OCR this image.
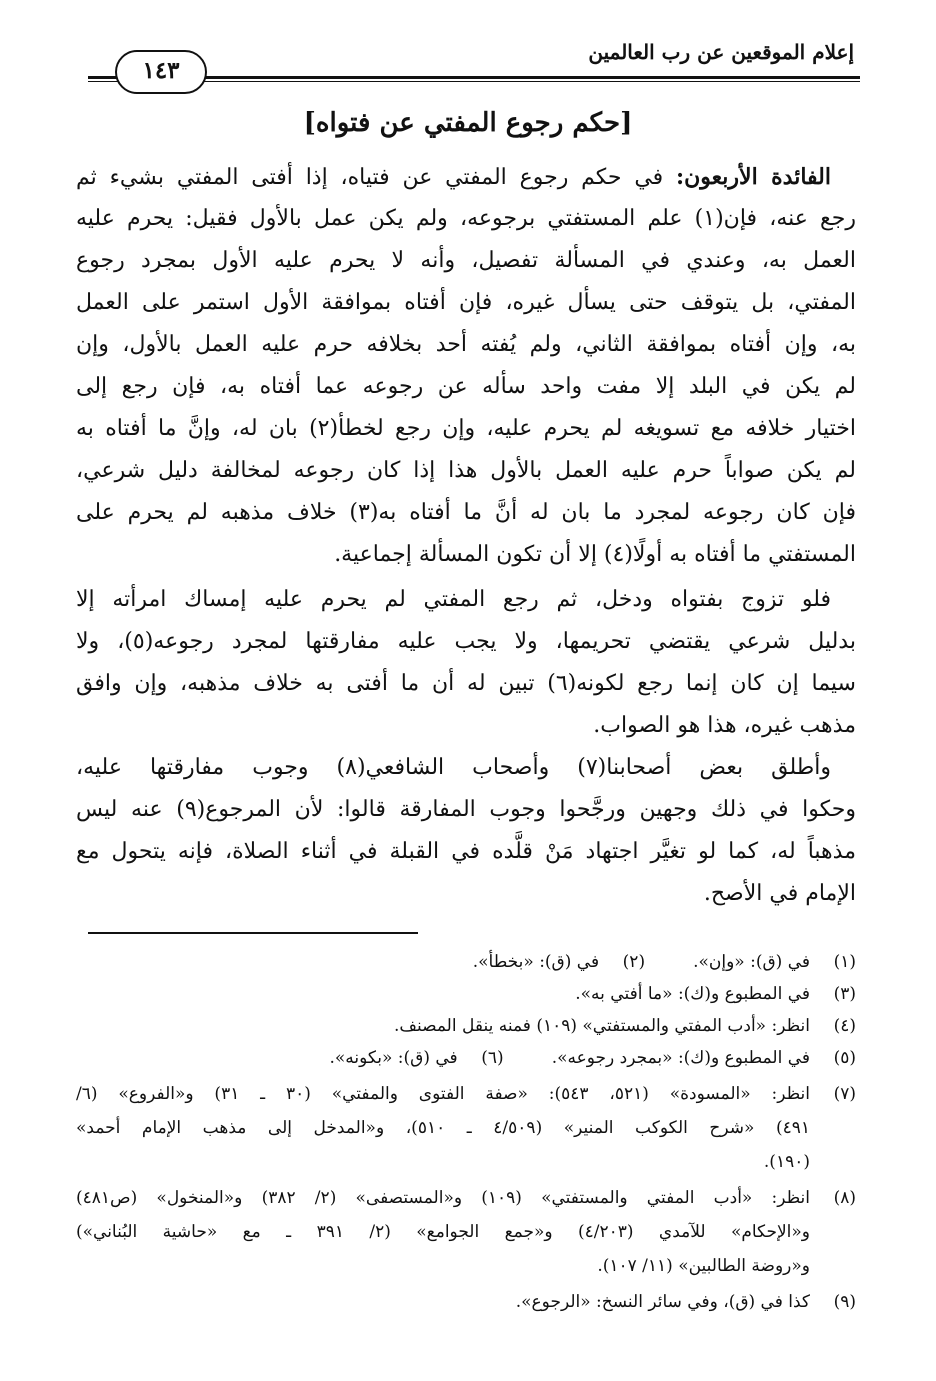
إعلام الموقعين عن رب العالمين
١٤٣
[حكم رجوع المفتي عن فتواه]
الفائدة الأربعون: في حكم رجوع المفتي عن فتياه، إذا أفتى المفتي بشيء ثم
رجع عنه، فإن(١) علم المستفتي برجوعه، ولم يكن عمل بالأول فقيل: يحرم عليه
العمل به، وعندي في المسألة تفصيل، وأنه لا يحرم عليه الأول بمجرد رجوع
المفتي، بل يتوقف حتى يسأل غيره، فإن أفتاه بموافقة الأول استمر على العمل
به، وإن أفتاه بموافقة الثاني، ولم يُفته أحد بخلافه حرم عليه العمل بالأول، وإن
لم يكن في البلد إلا مفت واحد سأله عن رجوعه عما أفتاه به، فإن رجع إلى
اختيار خلافه مع تسويغه لم يحرم عليه، وإن رجع لخطأ(٢) بان له، وإنَّ ما أفتاه به
لم يكن صواباً حرم عليه العمل بالأول هذا إذا كان رجوعه لمخالفة دليل شرعي،
فإن كان رجوعه لمجرد ما بان له أنَّ ما أفتاه به(٣) خلاف مذهبه لم يحرم على
المستفتي ما أفتاه به أولًا(٤) إلا أن تكون المسألة إجماعية.
فلو تزوج بفتواه ودخل، ثم رجع المفتي لم يحرم عليه إمساك امرأته إلا
بدليل شرعي يقتضي تحريمها، ولا يجب عليه مفارقتها لمجرد رجوعه(٥)، ولا
سيما إن كان إنما رجع لكونه(٦) تبين له أن ما أفتى به خلاف مذهبه، وإن وافق
مذهب غيره، هذا هو الصواب.
وأطلق بعض أصحابنا(٧) وأصحاب الشافعي(٨) وجوب مفارقتها عليه،
وحكوا في ذلك وجهين ورجَّحوا وجوب المفارقة قالوا: لأن المرجوع(٩) عنه ليس
مذهباً له، كما لو تغيَّر اجتهاد مَنْ قلَّده في القبلة في أثناء الصلاة، فإنه يتحول مع
الإمام في الأصح.
(١)في (ق): «وإن».(٢)في (ق): «بخطأ».
(٣)في المطبوع و(ك): «ما أفتي به».
(٤)انظر: «أدب المفتي والمستفتي» (١٠٩) فمنه ينقل المصنف.
(٥)في المطبوع و(ك): «بمجرد رجوعه».(٦)في (ق): «بكونه».
(٧)
انظر: «المسودة» (٥٢١، ٥٤٣): «صفة الفتوى والمفتي» (٣٠ ـ ٣١) و«الفروع» (٦/
٤٩١) «شرح الكوكب المنير» (٤/٥٠٩ ـ ٥١٠)، و«المدخل إلى مذهب الإمام أحمد»
(١٩٠).
(٨)
انظر: «أدب المفتي والمستفتي» (١٠٩) و«المستصفى» (٢/ ٣٨٢) و«المنخول» (ص٤٨١)
و«الإحكام» للآمدي (٤/٢٠٣) و«جمع الجوامع» (٢/ ٣٩١ ـ مع «حاشية البُناني»)
و«روضة الطالبين» (١١/ ١٠٧).
(٩)كذا في (ق)، وفي سائر النسخ: «الرجوع».
